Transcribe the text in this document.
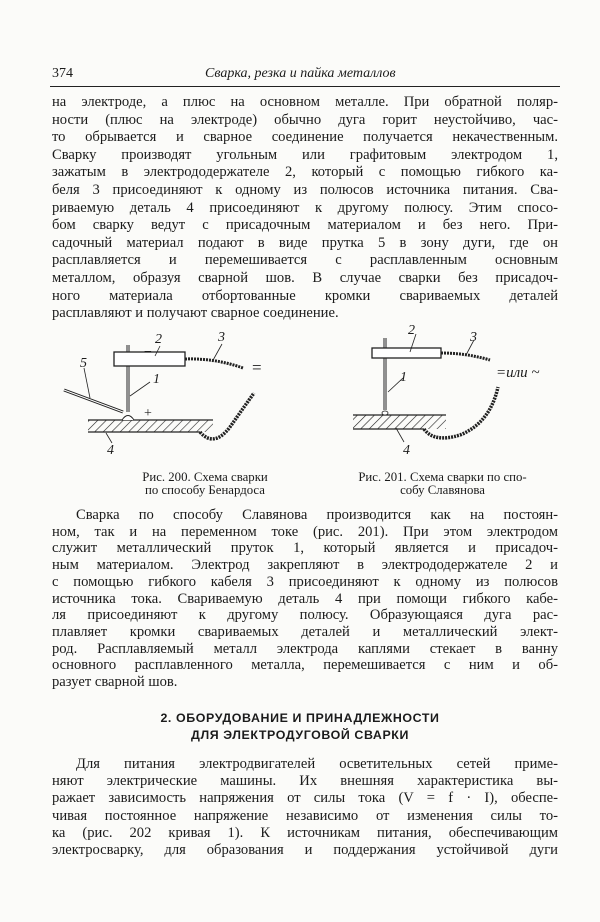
374	Сварка, резка и пайка металлов
на электроде, а плюс на основном металле. При обратной поляр-
ности (плюс на электроде) обычно дуга горит неустойчиво, час-
то обрывается и сварное соединение получается некачественным.
Сварку производят угольным или графитовым электродом 1,
зажатым в электрододержателе 2, который с помощью гибкого ка-
беля 3 присоединяют к одному из полюсов источника питания. Сва-
риваемую деталь 4 присоединяют к другому полюсу. Этим спосо-
бом сварку ведут с присадочным материалом и без него. При-
садочный материал подают в виде прутка 5 в зону дуги, где он
расплавляется и перемешивается с расплавленным основным
металлом, образуя сварной шов. В случае сварки без присадоч-
ного материала отбортованные кромки свариваемых деталей
расплавляют и получают сварное соединение.
2	3
−
1
5
+
4
=
2	3
1
4
=или ~
Рис. 200. Схема сварки
по способу Бенардоса
Рис. 201. Схема сварки по спо-
собу Славянова
Сварка по способу Славянова производится как на постоян-
ном, так и на переменном токе (рис. 201). При этом электродом
служит металлический пруток 1, который является и присадоч-
ным материалом. Электрод закрепляют в электрододержателе 2 и
с помощью гибкого кабеля 3 присоединяют к одному из полюсов
источника тока. Свариваемую деталь 4 при помощи гибкого кабе-
ля присоединяют к другому полюсу. Образующаяся дуга рас-
плавляет кромки свариваемых деталей и металлический элект-
род. Расплавляемый металл электрода каплями стекает в ванну
основного расплавленного металла, перемешивается с ним и об-
разует сварной шов.
2. ОБОРУДОВАНИЕ И ПРИНАДЛЕЖНОСТИ
ДЛЯ ЭЛЕКТРОДУГОВОЙ СВАРКИ
Для питания электродвигателей осветительных сетей приме-
няют электрические машины. Их внешняя характеристика вы-
ражает зависимость напряжения от силы тока (V = f · I), обеспе-
чивая постоянное напряжение независимо от изменения силы то-
ка (рис. 202 кривая 1). К источникам питания, обеспечивающим
электросварку, для образования и поддержания устойчивой дуги
